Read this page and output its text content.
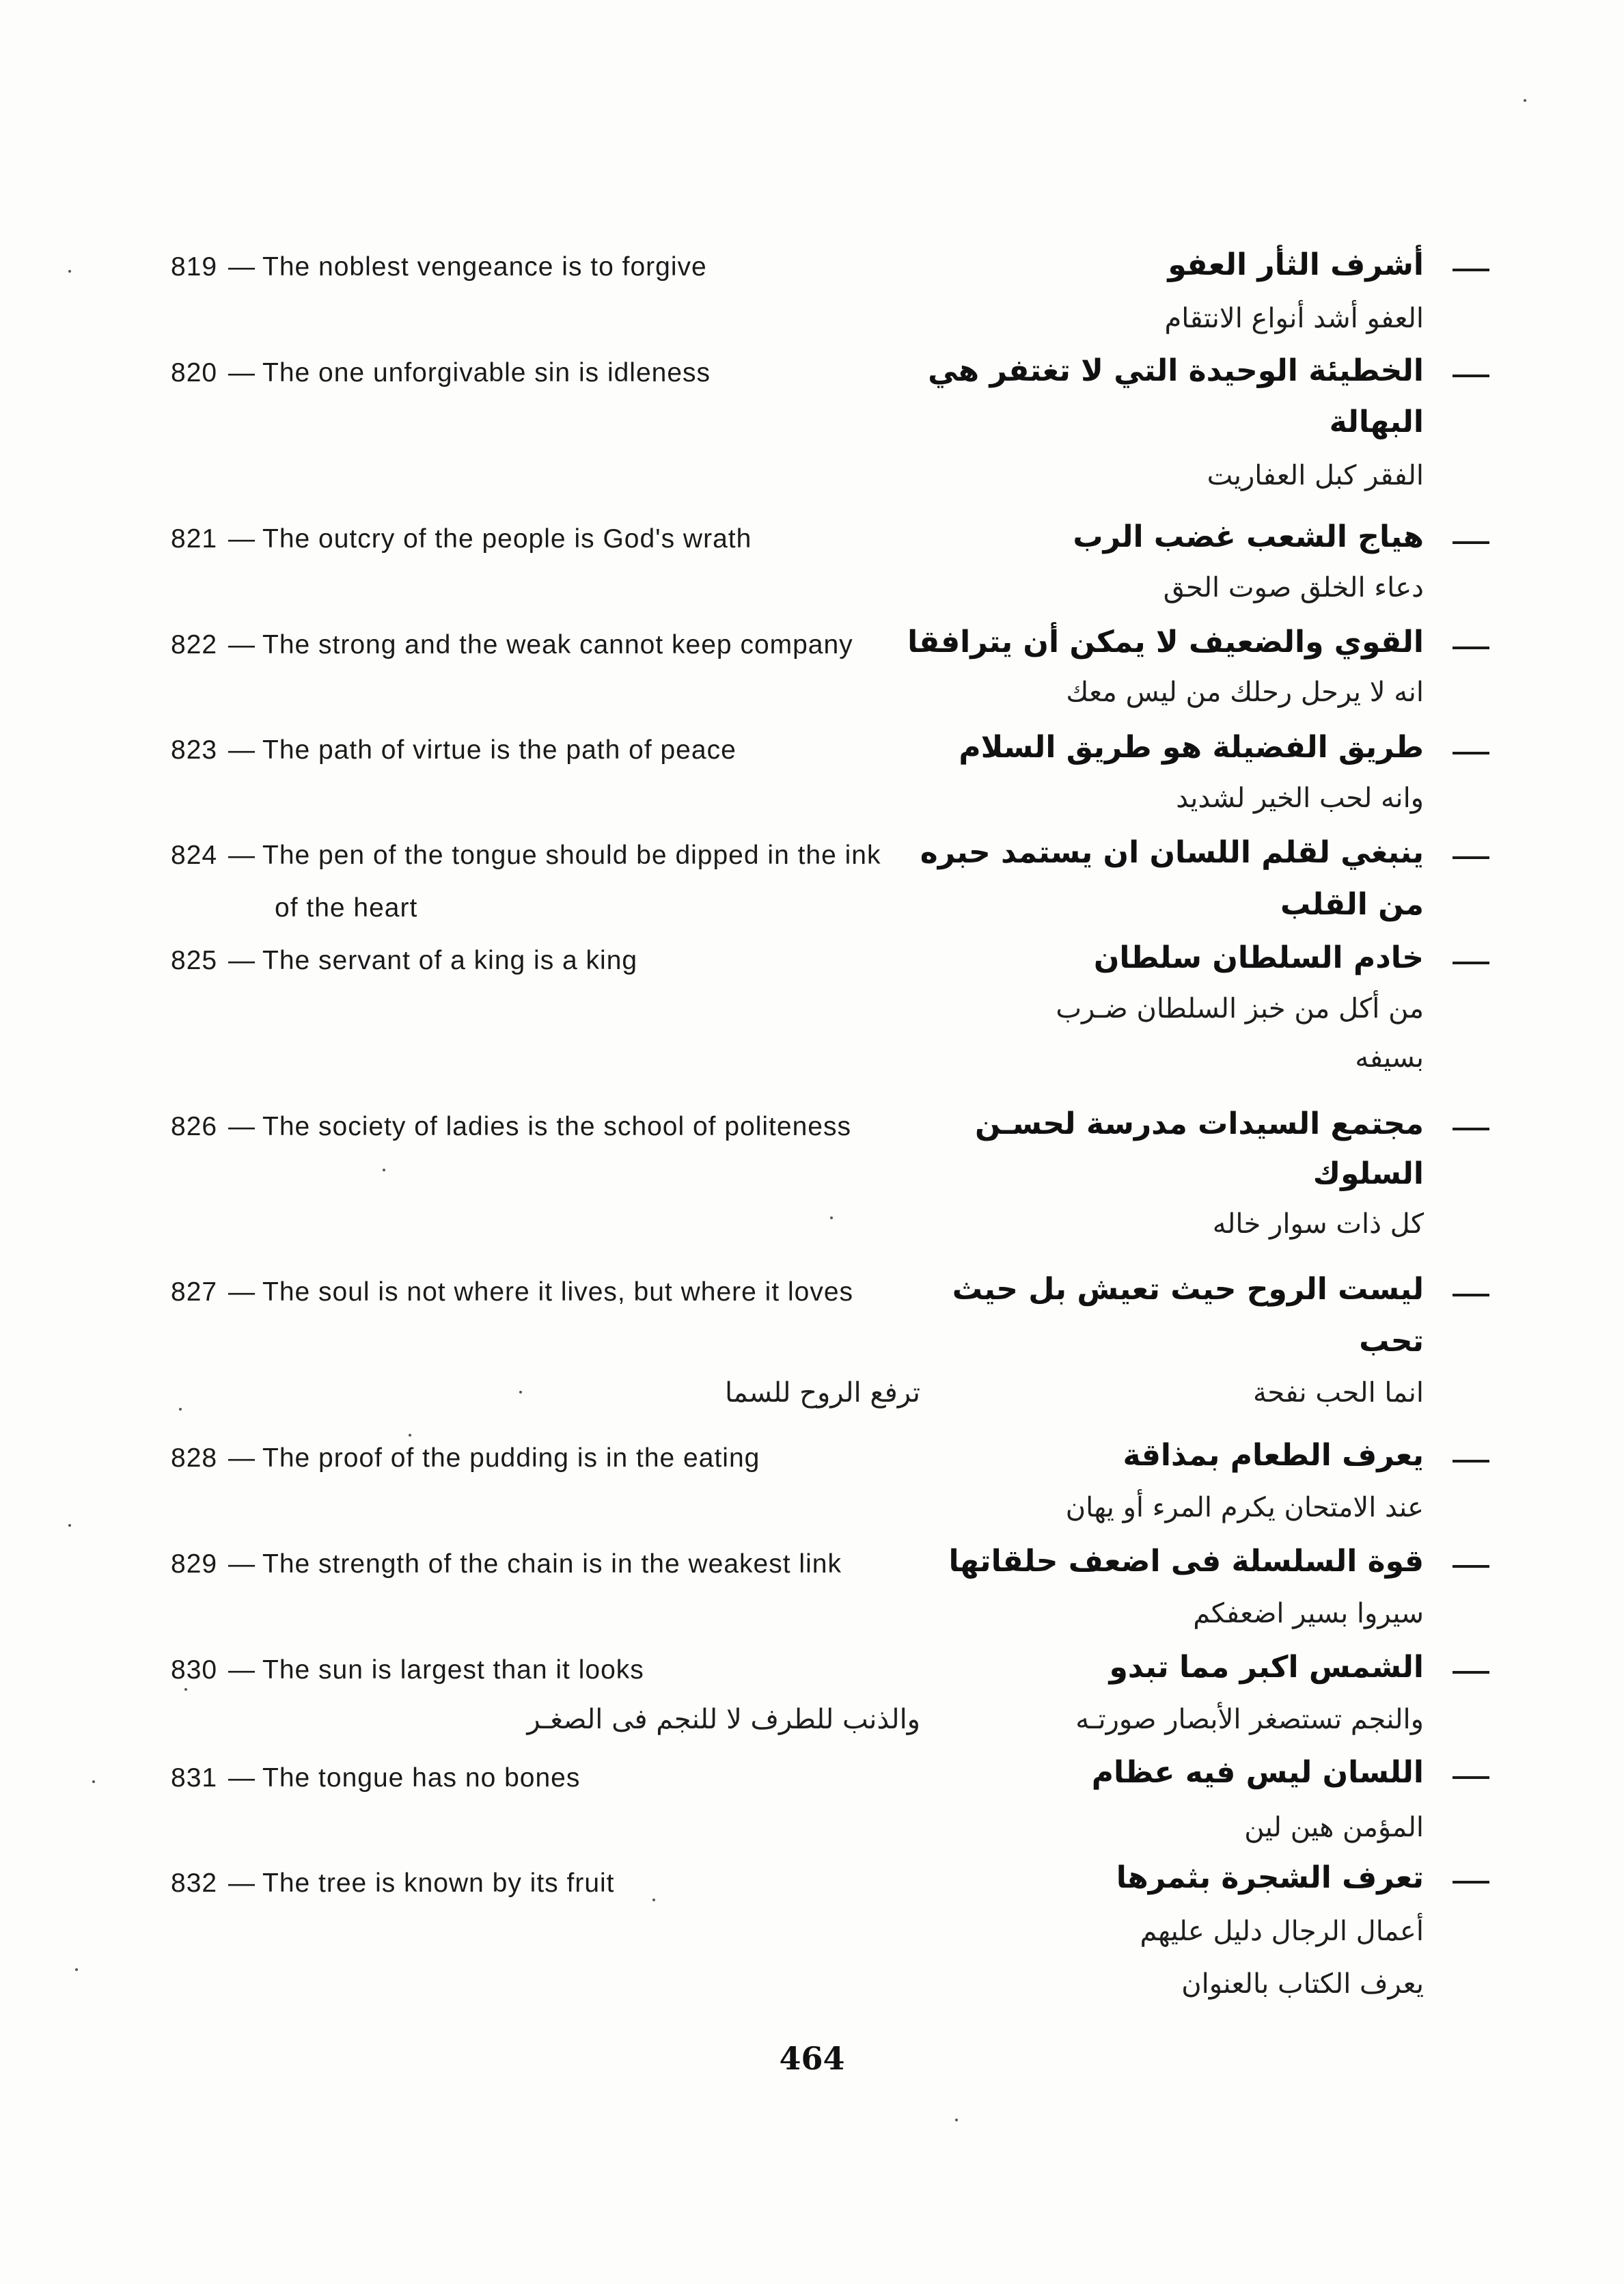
819 — The noblest vengeance is to forgive	أشرف الثأر العفو
العفو أشد أنواع الانتقام
820 — The one unforgivable sin is idleness	الخطيئة الوحيدة التي لا تغتفر هي
البهالة
الفقر كبل العفاريت
821 — The outcry of the people is God's wrath	هياج الشعب غضب الرب
دعاء الخلق صوت الحق
822 — The strong and the weak cannot keep company	القوي والضعيف لا يمكن أن يترافقا
انه لا يرحل رحلك من ليس معك
823 — The path of virtue is the path of peace	طريق الفضيلة هو طريق السلام
وانه لحب الخير لشديد
824 — The pen of the tongue should be dipped in the ink
of the heart
ينبغي لقلم اللسان ان يستمد حبره
من القلب
825 — The servant of a king is a king	خادم السلطان سلطان
من أكل من خبز السلطان ضـرب
بسيفه
826 — The society of ladies is the school of politeness	مجتمع السيدات مدرسة لحسـن
السلوك
كل ذات سوار خاله
827 — The soul is not where it lives, but where it loves	ليست الروح حيث تعيش بل حيث
تحب
انما الحب نفحة
ترفع الروح للسما
828 — The proof of the pudding is in the eating	يعرف الطعام بمذاقة
عند الامتحان يكرم المرء أو يهان
829 — The strength of the chain is in the weakest link	قوة السلسلة فى اضعف حلقاتها
سيروا بسير اضعفكم
830 — The sun is largest than it looks	الشمس اكبر مما تبدو
والنجم تستصغر الأبصار صورتـه
والذنب للطرف لا للنجم فى الصغـر
831 — The tongue has no bones	اللسان ليس فيه عظام
المؤمن هين لين
832 — The tree is known by its fruit	تعرف الشجرة بثمرها
أعمال الرجال دليل عليهم
يعرف الكتاب بالعنوان
464
